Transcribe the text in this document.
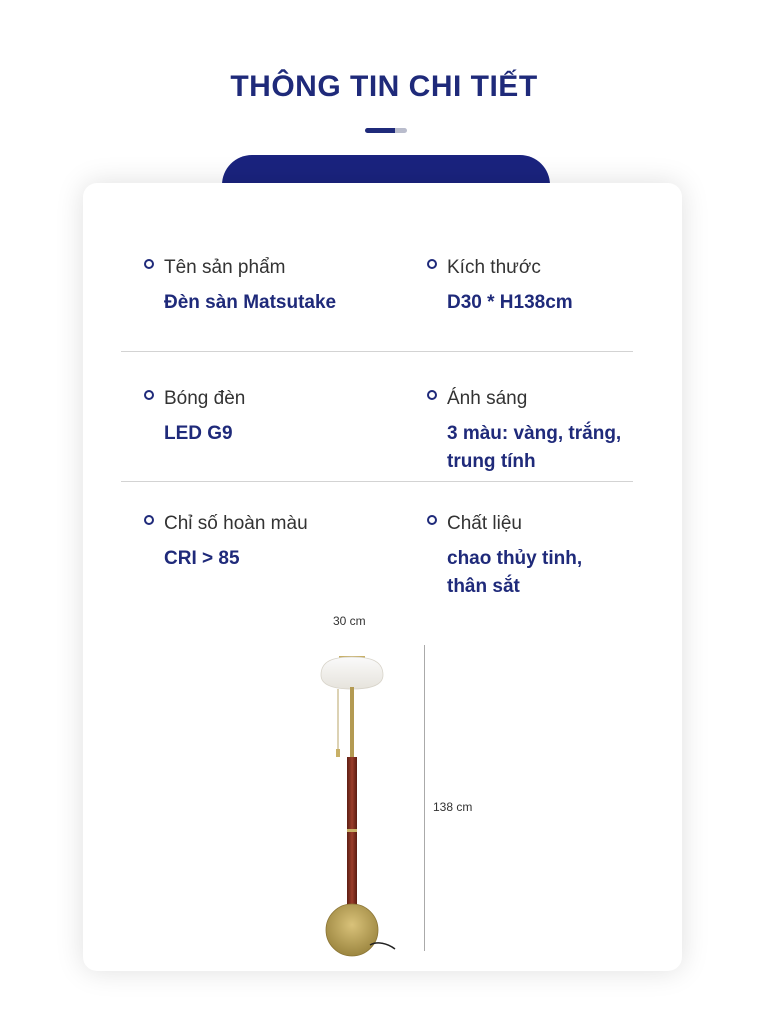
THÔNG TIN CHI TIẾT
Tên sản phẩm
Đèn sàn Matsutake
Kích thước
D30 * H138cm
Bóng đèn
LED G9
Ánh sáng
3 màu: vàng, trắng,
trung tính
Chỉ số hoàn màu
CRI > 85
Chất liệu
chao thủy tinh,
thân sắt
30 cm
138 cm
